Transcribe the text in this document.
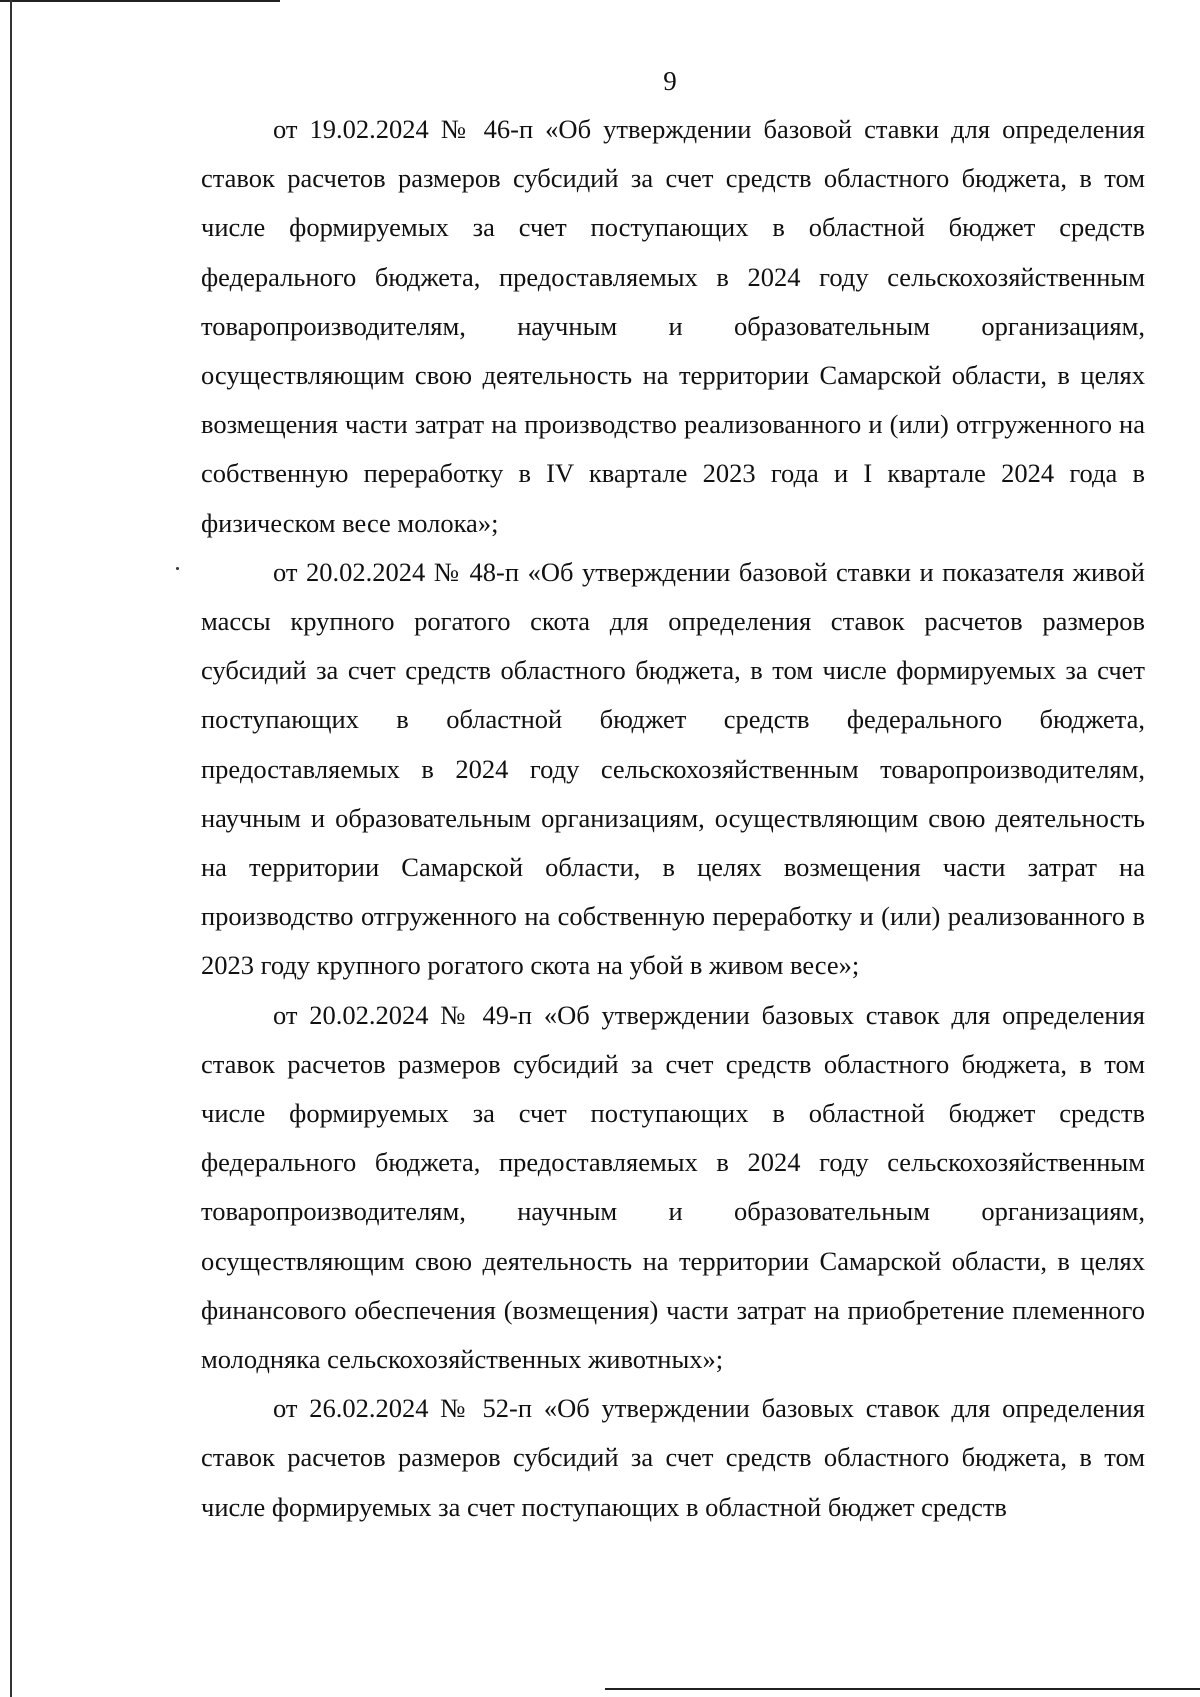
9

от 19.02.2024 № 46-п «Об утверждении базовой ставки для определения ставок расчетов размеров субсидий за счет средств областного бюджета, в том числе формируемых за счет поступающих в областной бюджет средств федерального бюджета, предоставляемых в 2024 году сельскохозяйственным товаропроизводителям, научным и образовательным организациям, осуществляющим свою деятельность на территории Самарской области, в целях возмещения части затрат на производство реализованного и (или) отгруженного на собственную переработку в IV квартале 2023 года и I квартале 2024 года в физическом весе молока»;

от 20.02.2024 № 48-п «Об утверждении базовой ставки и показателя живой массы крупного рогатого скота для определения ставок расчетов размеров субсидий за счет средств областного бюджета, в том числе формируемых за счет поступающих в областной бюджет средств федерального бюджета, предоставляемых в 2024 году сельскохозяйственным товаропроизводителям, научным и образовательным организациям, осуществляющим свою деятельность на территории Самарской области, в целях возмещения части затрат на производство отгруженного на собственную переработку и (или) реализованного в 2023 году крупного рогатого скота на убой в живом весе»;

от 20.02.2024 № 49-п «Об утверждении базовых ставок для определения ставок расчетов размеров субсидий за счет средств областного бюджета, в том числе формируемых за счет поступающих в областной бюджет средств федерального бюджета, предоставляемых в 2024 году сельскохозяйственным товаропроизводителям, научным и образовательным организациям, осуществляющим свою деятельность на территории Самарской области, в целях финансового обеспечения (возмещения) части затрат на приобретение племенного молодняка сельскохозяйственных животных»;

от 26.02.2024 № 52-п «Об утверждении базовых ставок для определения ставок расчетов размеров субсидий за счет средств областного бюджета, в том числе формируемых за счет поступающих в областной бюджет средств
